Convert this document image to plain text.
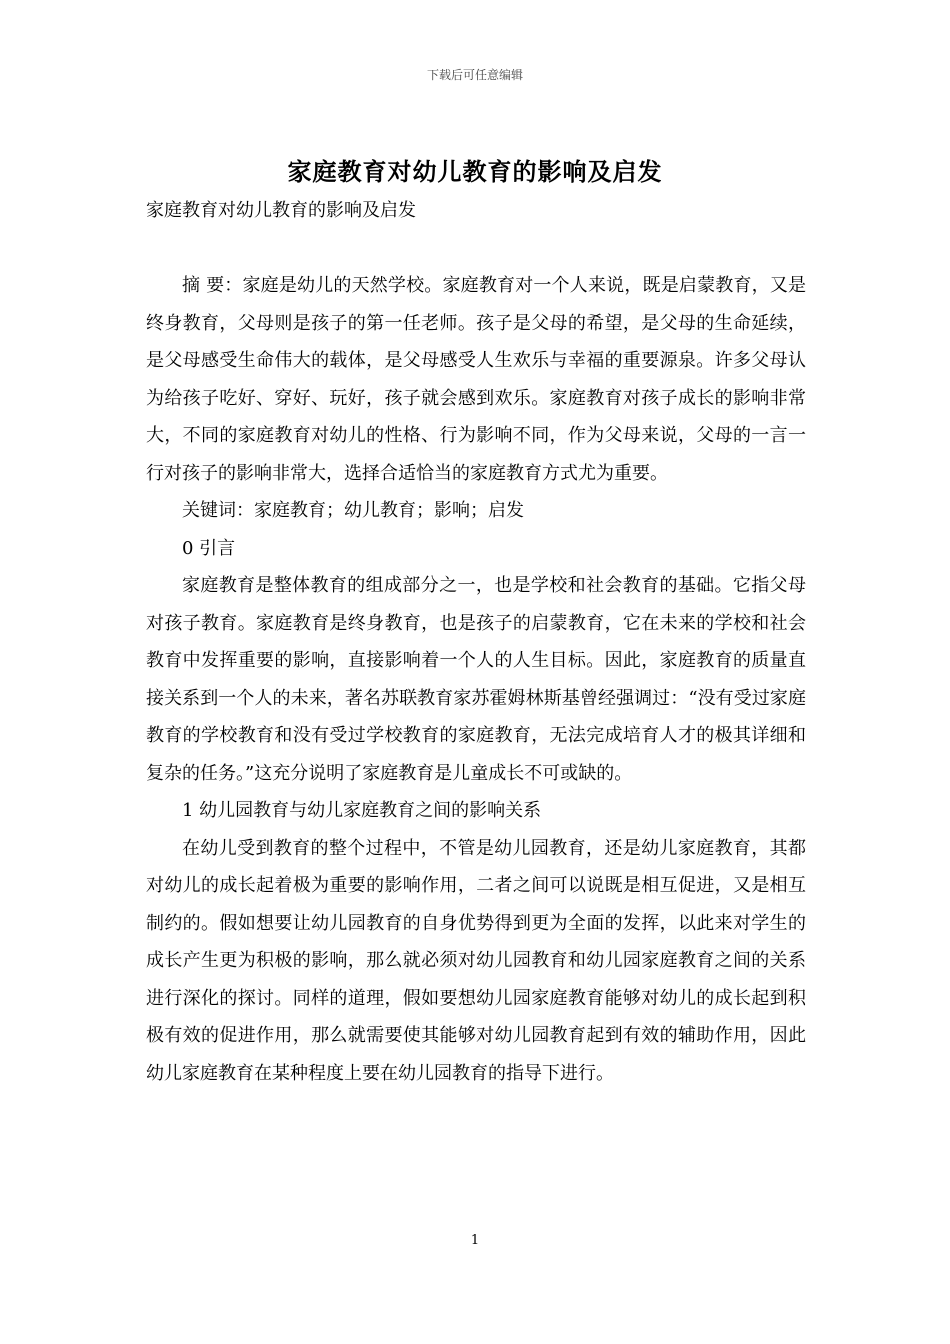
下载后可任意编辑
家庭教育对幼儿教育的影响及启发
家庭教育对幼儿教育的影响及启发

摘 要：家庭是幼儿的天然学校。家庭教育对一个人来说，既是启蒙教育，又是终身教育，父母则是孩子的第一任老师。孩子是父母的希望，是父母的生命延续，是父母感受生命伟大的载体，是父母感受人生欢乐与幸福的重要源泉。许多父母认为给孩子吃好、穿好、玩好，孩子就会感到欢乐。家庭教育对孩子成长的影响非常大，不同的家庭教育对幼儿的性格、行为影响不同，作为父母来说，父母的一言一行对孩子的影响非常大，选择合适恰当的家庭教育方式尤为重要。

关键词：家庭教育；幼儿教育；影响；启发

0 引言

家庭教育是整体教育的组成部分之一，也是学校和社会教育的基础。它指父母对孩子教育。家庭教育是终身教育，也是孩子的启蒙教育，它在未来的学校和社会教育中发挥重要的影响，直接影响着一个人的人生目标。因此，家庭教育的质量直接关系到一个人的未来，著名苏联教育家苏霍姆林斯基曾经强调过：“没有受过家庭教育的学校教育和没有受过学校教育的家庭教育，无法完成培育人才的极其详细和复杂的任务。”这充分说明了家庭教育是儿童成长不可或缺的。

1 幼儿园教育与幼儿家庭教育之间的影响关系

在幼儿受到教育的整个过程中，不管是幼儿园教育，还是幼儿家庭教育，其都对幼儿的成长起着极为重要的影响作用，二者之间可以说既是相互促进，又是相互制约的。假如想要让幼儿园教育的自身优势得到更为全面的发挥，以此来对学生的成长产生更为积极的影响，那么就必须对幼儿园教育和幼儿园家庭教育之间的关系进行深化的探讨。同样的道理，假如要想幼儿园家庭教育能够对幼儿的成长起到积极有效的促进作用，那么就需要使其能够对幼儿园教育起到有效的辅助作用，因此幼儿家庭教育在某种程度上要在幼儿园教育的指导下进行。

1
